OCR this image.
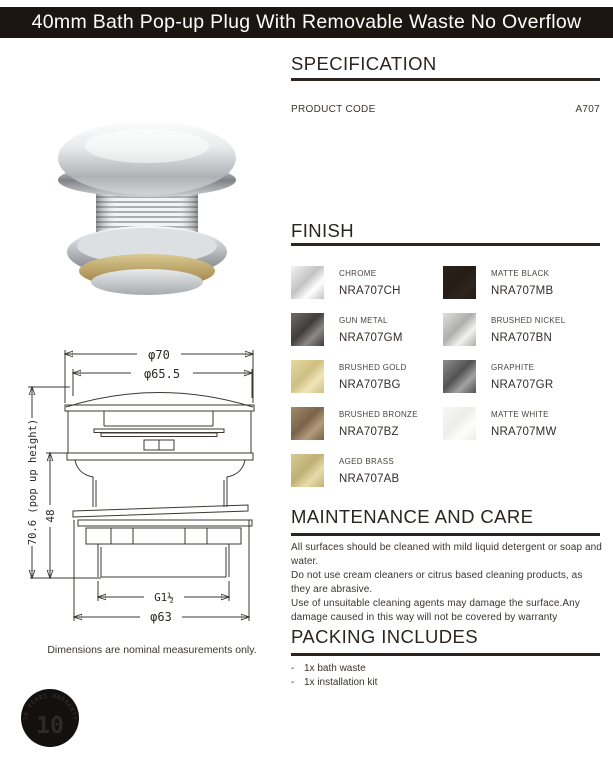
40mm Bath Pop-up Plug With Removable Waste No Overflow
φ70
φ65.5
70.6 (pop up height) 48
G1½
φ63
Dimensions are nominal measurements only.
10 YEARS WARRANTY
10
SPECIFICATION
PRODUCT CODE	A707
FINISH
CHROME
NRA707CH
MATTE BLACK
NRA707MB
GUN METAL
NRA707GM
BRUSHED NICKEL
NRA707BN
BRUSHED GOLD
NRA707BG
GRAPHITE
NRA707GR
BRUSHED BRONZE
NRA707BZ
MATTE WHITE
NRA707MW
AGED BRASS
NRA707AB
MAINTENANCE AND CARE

All surfaces should be cleaned with mild liquid detergent or soap and water.

Do not use cream cleaners or citrus based cleaning products, as they are abrasive.

Use of unsuitable cleaning agents may damage the surface.Any damage caused in this way will not be covered by warranty

PACKING INCLUDES
- 1x bath waste
- 1x installation kit
